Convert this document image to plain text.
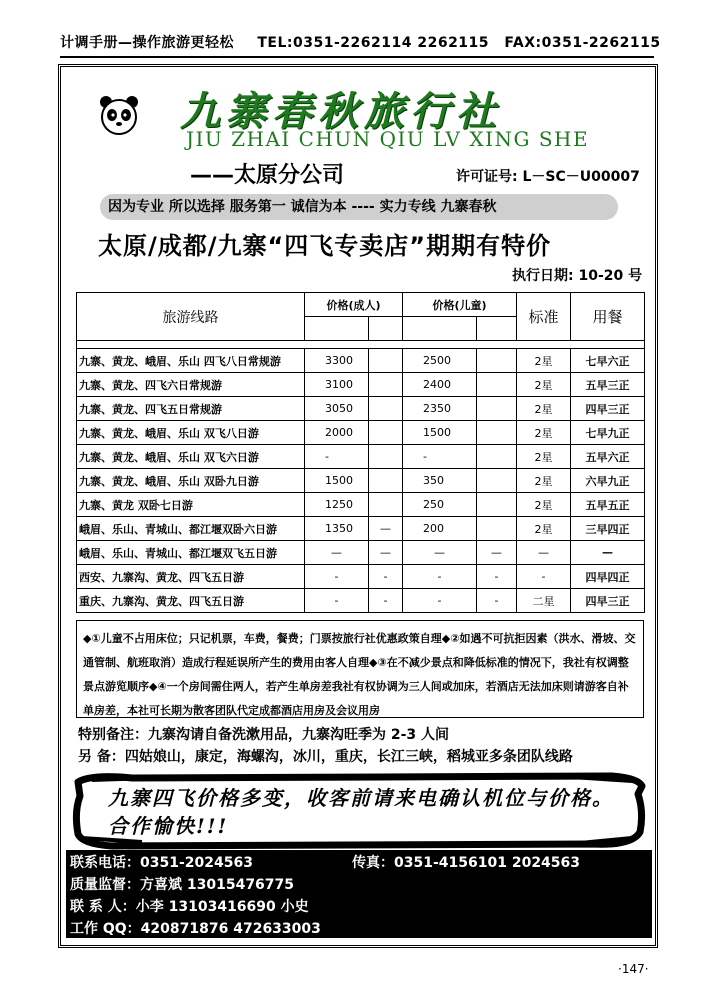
计调手册—操作旅游更轻松 TEL:0351-2262114 2262115 FAX:0351-2262115
九寨春秋旅行社
JIU ZHAI CHUN QIU LV XING SHE
——太原分公司	许可证号: L－SC－U00007
因为专业 所以选择 服务第一 诚信为本 ---- 实力专线 九寨春秋
太原/成都/九寨“四飞专卖店”期期有特价
执行日期: 10-20 号
旅游线路	价格(成人)		价格(儿童)		标准	用餐

九寨、黄龙、峨眉、乐山 四飞八日常规游	3300		2500		2星	七早六正
九寨、黄龙、四飞六日常规游	3100		2400		2星	五早三正
九寨、黄龙、四飞五日常规游	3050		2350		2星	四早三正
九寨、黄龙、峨眉、乐山 双飞八日游	2000		1500		2星	七早九正
九寨、黄龙、峨眉、乐山 双飞六日游	-		-		2星	五早六正
九寨、黄龙、峨眉、乐山 双卧九日游	1500		350		2星	六早九正
九寨、黄龙 双卧七日游	1250		250		2星	五早五正
峨眉、乐山、青城山、都江堰双卧六日游	1350	—	200		2星	三早四正
峨眉、乐山、青城山、都江堰双飞五日游	—	—	—	—	—	—
西安、九寨沟、黄龙、四飞五日游	-	-	-	-	-	四早四正
重庆、九寨沟、黄龙、四飞五日游	-	-	-	-	二星	四早三正
◆①儿童不占用床位；只记机票，车费，餐费；门票按旅行社优惠政策自理◆②如遇不可抗拒因素（洪水、滑坡、交通管制、航班取消）造成行程延误所产生的费用由客人自理◆③在不减少景点和降低标准的情况下，我社有权调整景点游览顺序◆④一个房间需住两人，若产生单房差我社有权协调为三人间或加床，若酒店无法加床则请游客自补单房差，本社可长期为散客团队代定成都酒店用房及会议用房
特别备注：九寨沟请自备洗漱用品，九寨沟旺季为 2-3 人间
另 备：四姑娘山，康定，海螺沟，冰川，重庆，长江三峡，稻城亚多条团队线路
九寨四飞价格多变，收客前请来电确认机位与价格。合作愉快!!!
联系电话：0351-2024563	传真：0351-4156101 2024563
质量监督：方喜斌 13015476775
联 系 人：小李 13103416690 小史
工作 QQ：420871876 472633003
·147·
